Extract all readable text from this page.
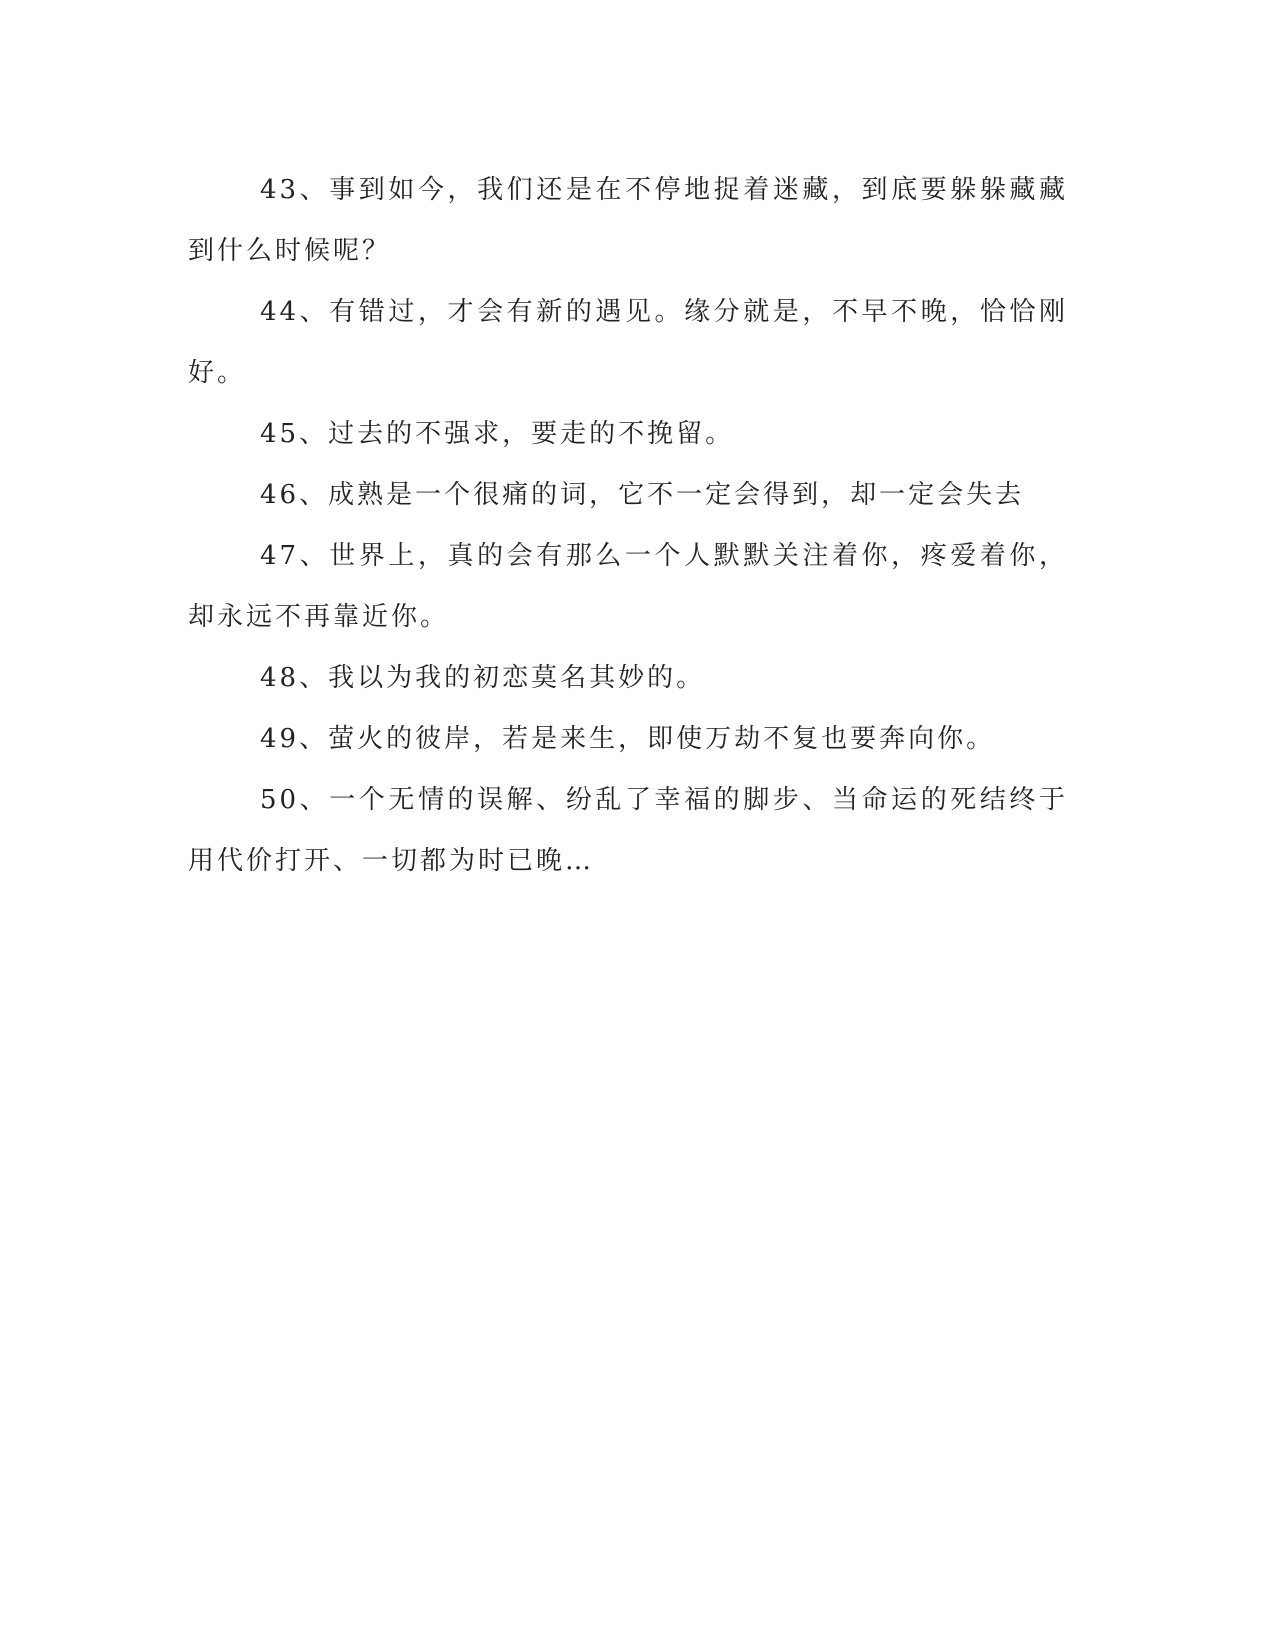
43、事到如今，我们还是在不停地捉着迷藏，到底要躲躲藏藏到什么时候呢？

44、有错过，才会有新的遇见。缘分就是，不早不晚，恰恰刚好。

45、过去的不强求，要走的不挽留。

46、成熟是一个很痛的词，它不一定会得到，却一定会失去

47、世界上，真的会有那么一个人默默关注着你，疼爱着你，却永远不再靠近你。

48、我以为我的初恋莫名其妙的。

49、萤火的彼岸，若是来生，即使万劫不复也要奔向你。

50、一个无情的误解、纷乱了幸福的脚步、当命运的死结终于用代价打开、一切都为时已晚…
